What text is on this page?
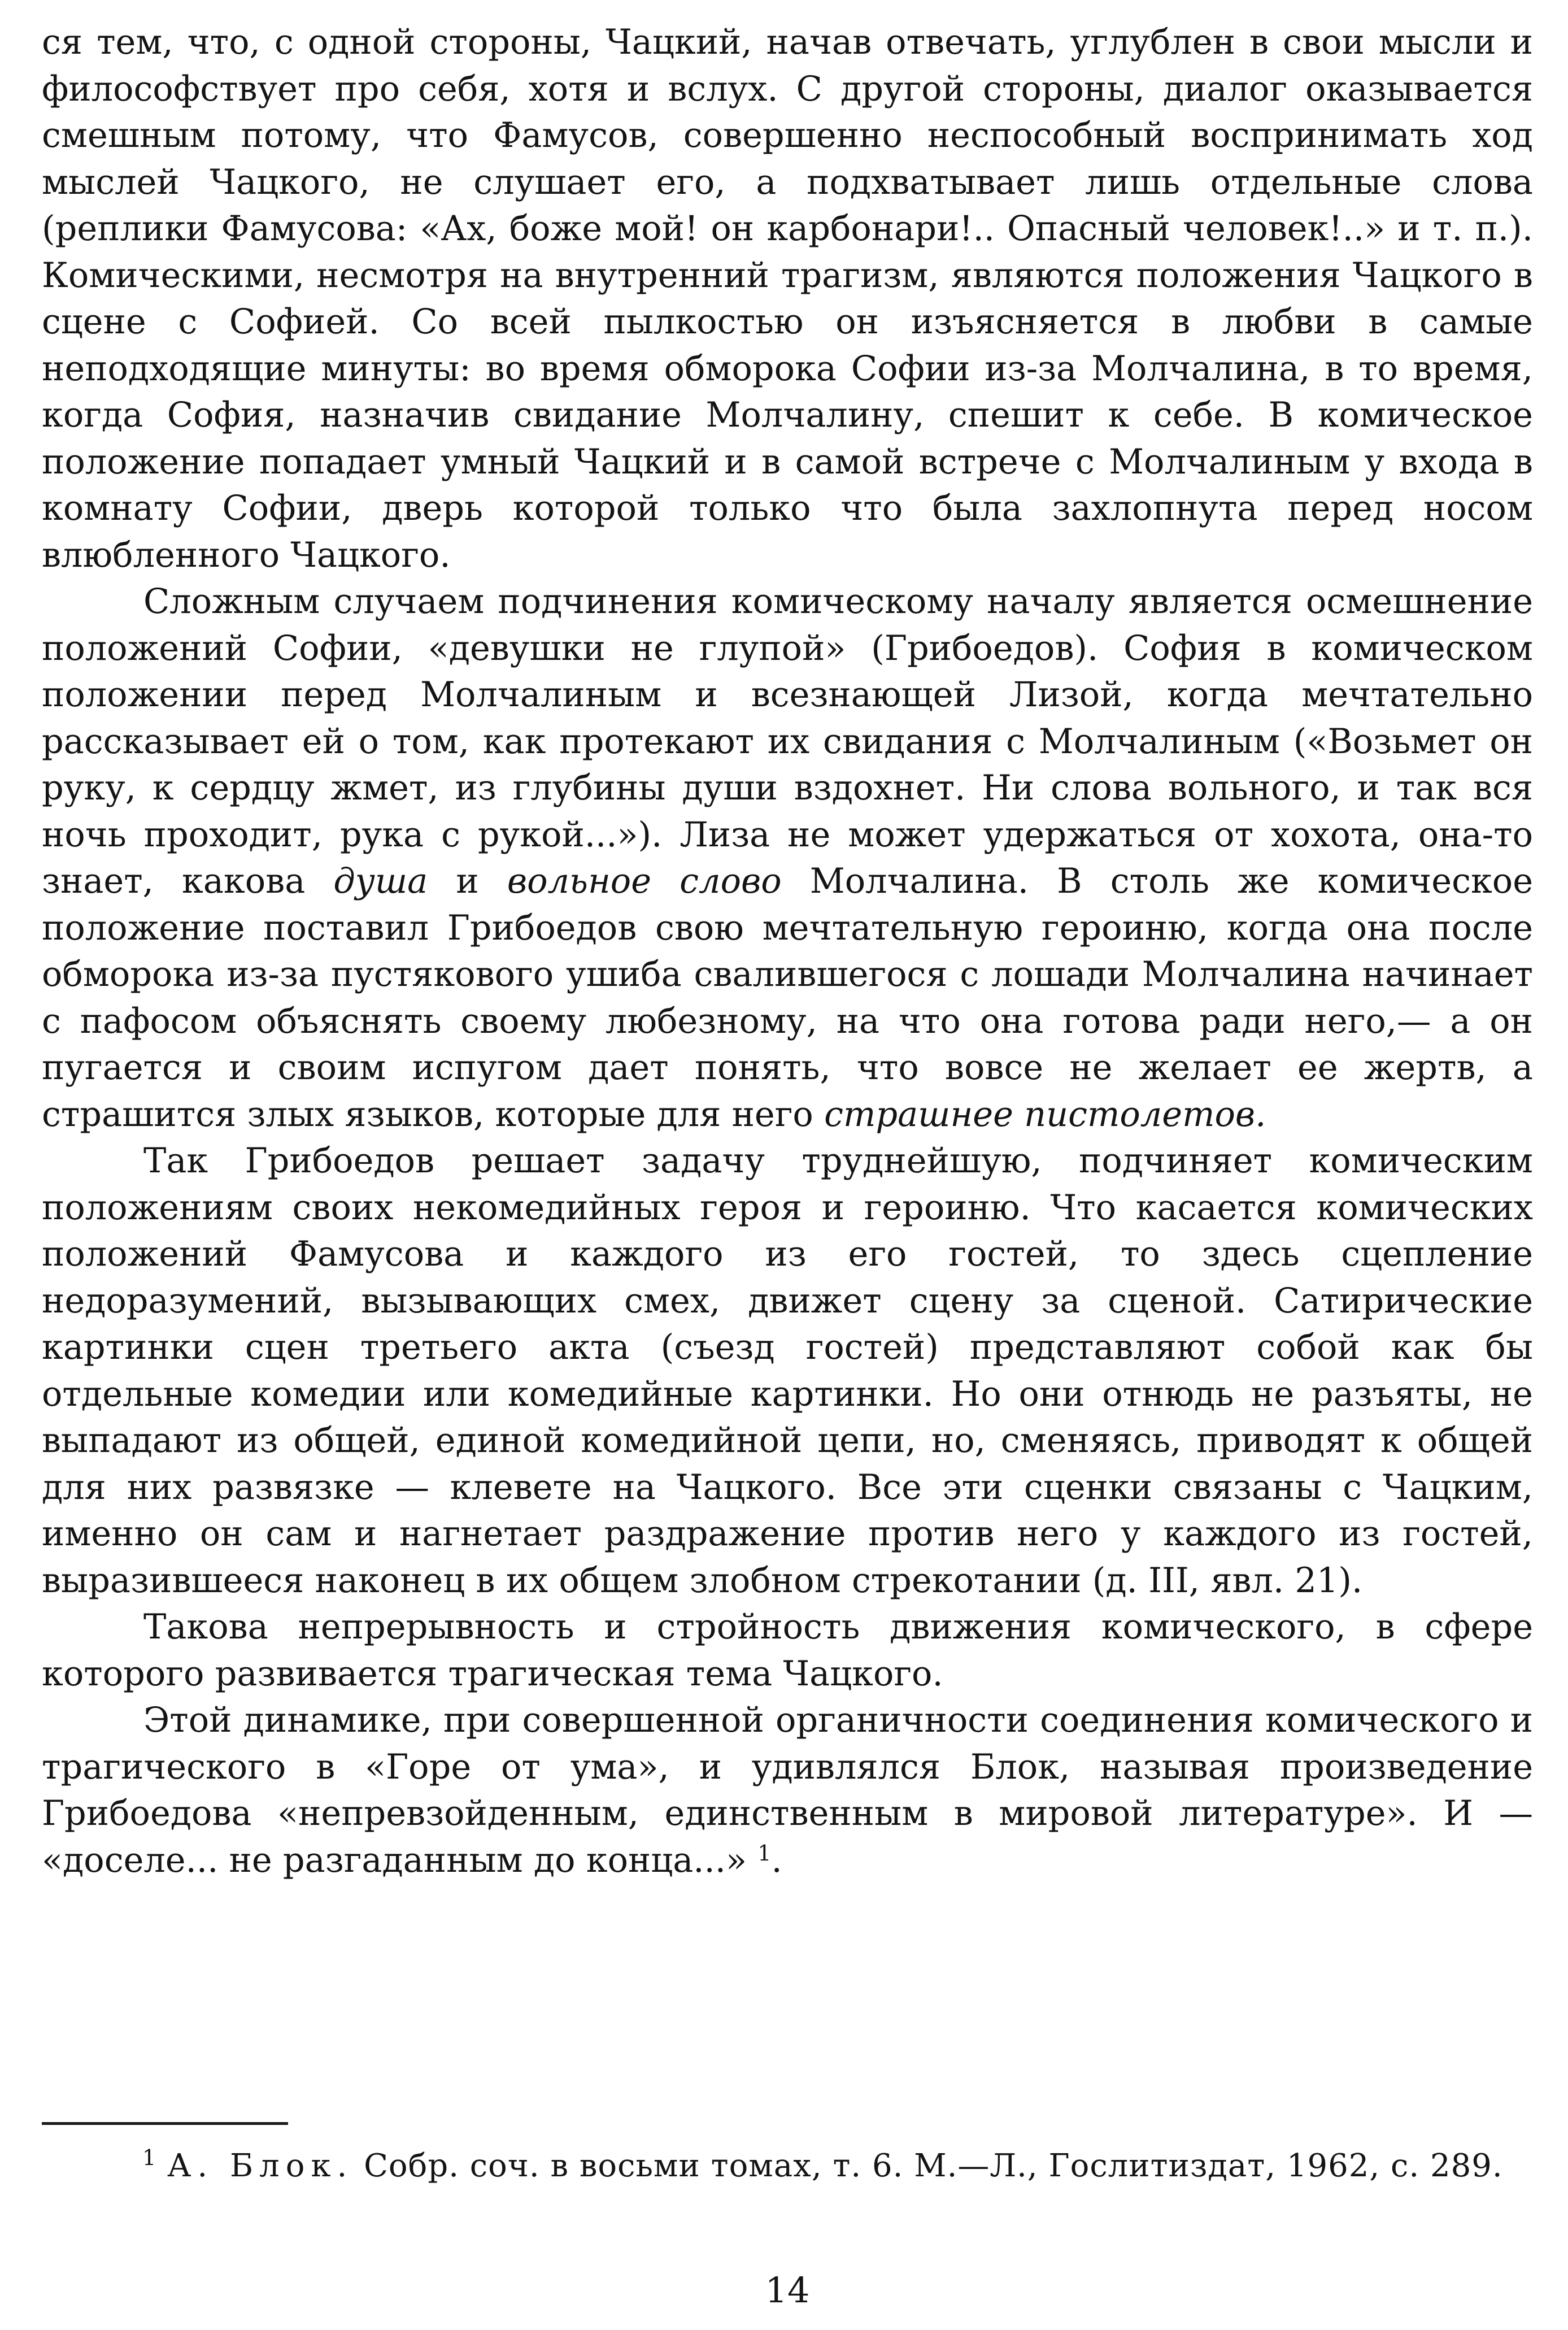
ся тем, что, с одной стороны, Чацкий, начав отвечать, углублен в свои мысли и философствует про себя, хотя и вслух. С другой стороны, диалог оказывается смешным потому, что Фамусов, совершенно неспособный воспринимать ход мыслей Чацкого, не слушает его, а подхватывает лишь отдельные слова (реплики Фамусова: «Ах, боже мой! он карбонари!.. Опасный человек!..» и т. п.). Комическими, несмотря на внутренний трагизм, являются положения Чацкого в сцене с Софией. Со всей пылкостью он изъясняется в любви в самые неподходящие минуты: во время обморока Софии из-за Молчалина, в то время, когда София, назначив свидание Молчалину, спешит к себе. В комическое положение попадает умный Чацкий и в самой встрече с Молчалиным у входа в комнату Софии, дверь которой только что была захлопнута перед носом влюбленного Чацкого.

Сложным случаем подчинения комическому началу является осмешнение положений Софии, «девушки не глупой» (Грибоедов). София в комическом положении перед Молчалиным и всезнающей Лизой, когда мечтательно рассказывает ей о том, как протекают их свидания с Молчалиным («Возьмет он руку, к сердцу жмет, из глубины души вздохнет. Ни слова вольного, и так вся ночь проходит, рука с рукой...»). Лиза не может удержаться от хохота, она-то знает, какова душа и вольное слово Молчалина. В столь же комическое положение поставил Грибоедов свою мечтательную героиню, когда она после обморока из-за пустякового ушиба свалившегося с лошади Молчалина начинает с пафосом объяснять своему любезному, на что она готова ради него,— а он пугается и своим испугом дает понять, что вовсе не желает ее жертв, а страшится злых языков, которые для него страшнее пистолетов.

Так Грибоедов решает задачу труднейшую, подчиняет комическим положениям своих некомедийных героя и героиню. Что касается комических положений Фамусова и каждого из его гостей, то здесь сцепление недоразумений, вызывающих смех, движет сцену за сценой. Сатирические картинки сцен третьего акта (съезд гостей) представляют собой как бы отдельные комедии или комедийные картинки. Но они отнюдь не разъяты, не выпадают из общей, единой комедийной цепи, но, сменяясь, приводят к общей для них развязке — клевете на Чацкого. Все эти сценки связаны с Чацким, именно он сам и нагнетает раздражение против него у каждого из гостей, выразившееся наконец в их общем злобном стрекотании (д. III, явл. 21).

Такова непрерывность и стройность движения комического, в сфере которого развивается трагическая тема Чацкого.

Этой динамике, при совершенной органичности соединения комического и трагического в «Горе от ума», и удивлялся Блок, называя произведение Грибоедова «непревзойденным, единственным в мировой литературе». И — «доселе... не разгаданным до конца...» $^1$.

$^1$ А. Блок. Собр. соч. в восьми томах, т. 6. М.—Л., Гослитиздат, 1962, с. 289.

14
